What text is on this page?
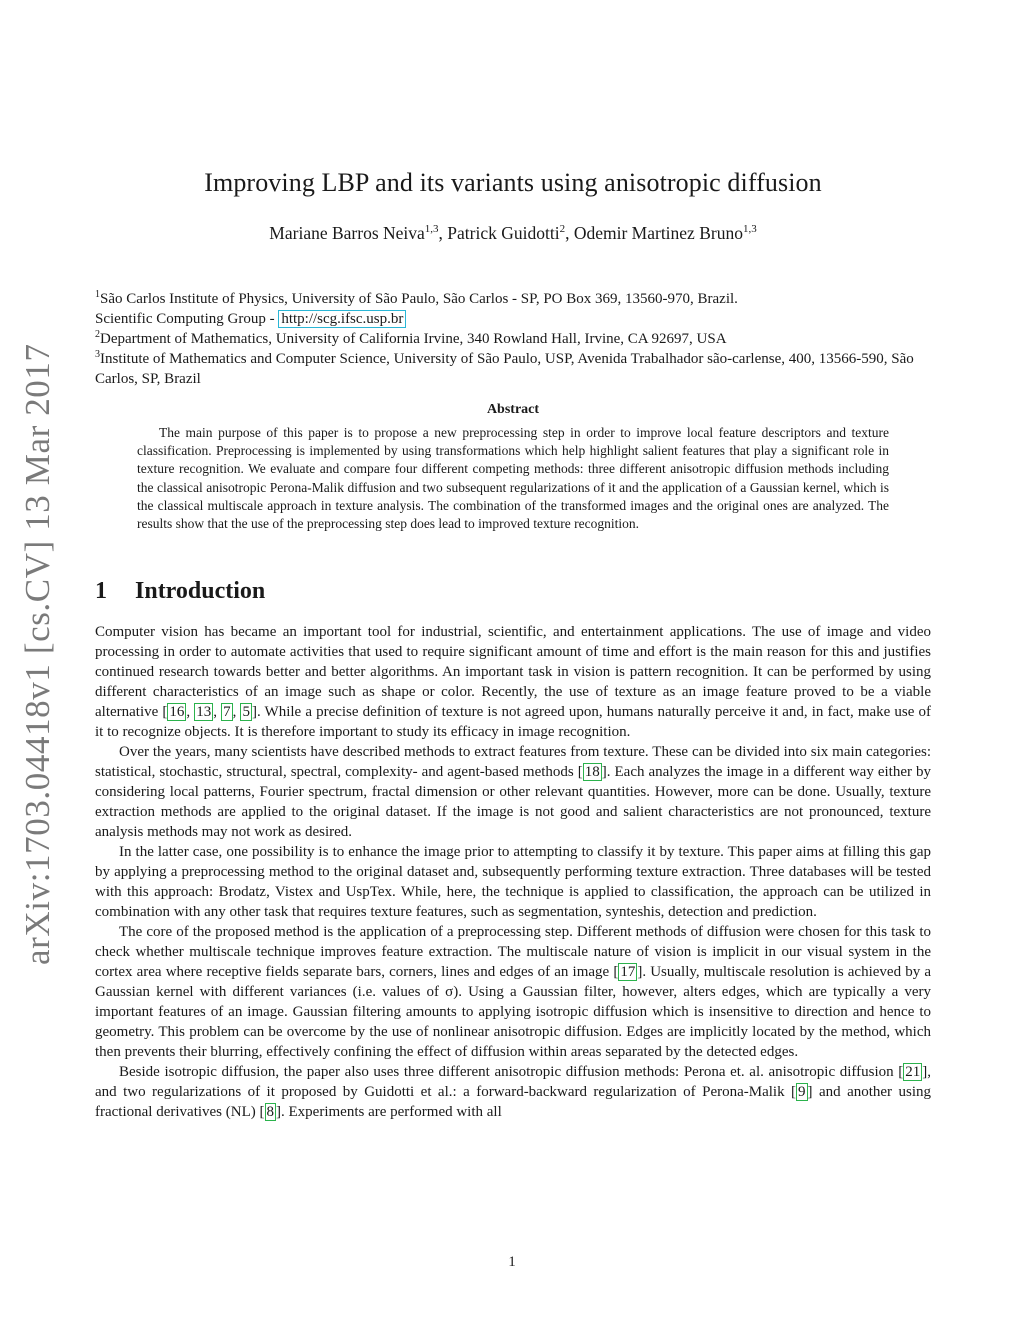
arXiv:1703.04418v1 [cs.CV] 13 Mar 2017
Improving LBP and its variants using anisotropic diffusion
Mariane Barros Neiva$^{1,3}$, Patrick Guidotti$^2$, Odemir Martinez Bruno$^{1,3}$
$^1$São Carlos Institute of Physics, University of São Paulo, São Carlos - SP, PO Box 369, 13560-970, Brazil.
Scientific Computing Group - http://scg.ifsc.usp.br
$^2$Department of Mathematics, University of California Irvine, 340 Rowland Hall, Irvine, CA 92697, USA
$^3$Institute of Mathematics and Computer Science, University of São Paulo, USP, Avenida Trabalhador são-carlense, 400, 13566-590, São Carlos, SP, Brazil
Abstract

The main purpose of this paper is to propose a new preprocessing step in order to improve local feature descriptors and texture classification. Preprocessing is implemented by using transformations which help highlight salient features that play a significant role in texture recognition. We evaluate and compare four different competing methods: three different anisotropic diffusion methods including the classical anisotropic Perona-Malik diffusion and two subsequent regularizations of it and the application of a Gaussian kernel, which is the classical multiscale approach in texture analysis. The combination of the transformed images and the original ones are analyzed. The results show that the use of the preprocessing step does lead to improved texture recognition.

1 Introduction

Computer vision has became an important tool for industrial, scientific, and entertainment applications. The use of image and video processing in order to automate activities that used to require significant amount of time and effort is the main reason for this and justifies continued research towards better and better algorithms. An important task in vision is pattern recognition. It can be performed by using different characteristics of an image such as shape or color. Recently, the use of texture as an image feature proved to be a viable alternative [ 16 , 13 , 7 , 5 ]. While a precise definition of texture is not agreed upon, humans naturally perceive it and, in fact, make use of it to recognize objects. It is therefore important to study its efficacy in image recognition.

Over the years, many scientists have described methods to extract features from texture. These can be divided into six main categories: statistical, stochastic, structural, spectral, complexity- and agent-based methods [ 18 ]. Each analyzes the image in a different way either by considering local patterns, Fourier spectrum, fractal dimension or other relevant quantities. However, more can be done. Usually, texture extraction methods are applied to the original dataset. If the image is not good and salient characteristics are not pronounced, texture analysis methods may not work as desired.

In the latter case, one possibility is to enhance the image prior to attempting to classify it by texture. This paper aims at filling this gap by applying a preprocessing method to the original dataset and, subsequently performing texture extraction. Three databases will be tested with this approach: Brodatz, Vistex and UspTex. While, here, the technique is applied to classification, the approach can be utilized in combination with any other task that requires texture features, such as segmentation, synteshis, detection and prediction.

The core of the proposed method is the application of a preprocessing step. Different methods of diffusion were chosen for this task to check whether multiscale technique improves feature extraction. The multiscale nature of vision is implicit in our visual system in the cortex area where receptive fields separate bars, corners, lines and edges of an image [ 17 ]. Usually, multiscale resolution is achieved by a Gaussian kernel with different variances (i.e. values of σ). Using a Gaussian filter, however, alters edges, which are typically a very important features of an image. Gaussian filtering amounts to applying isotropic diffusion which is insensitive to direction and hence to geometry. This problem can be overcome by the use of nonlinear anisotropic diffusion. Edges are implicitly located by the method, which then prevents their blurring, effectively confining the effect of diffusion within areas separated by the detected edges.

Beside isotropic diffusion, the paper also uses three different anisotropic diffusion methods: Perona et. al. anisotropic diffusion [ 21 ], and two regularizations of it proposed by Guidotti et al.: a forward-backward regularization of Perona-Malik [ 9 ] and another using fractional derivatives (NL) [ 8 ]. Experiments are performed with all

1
